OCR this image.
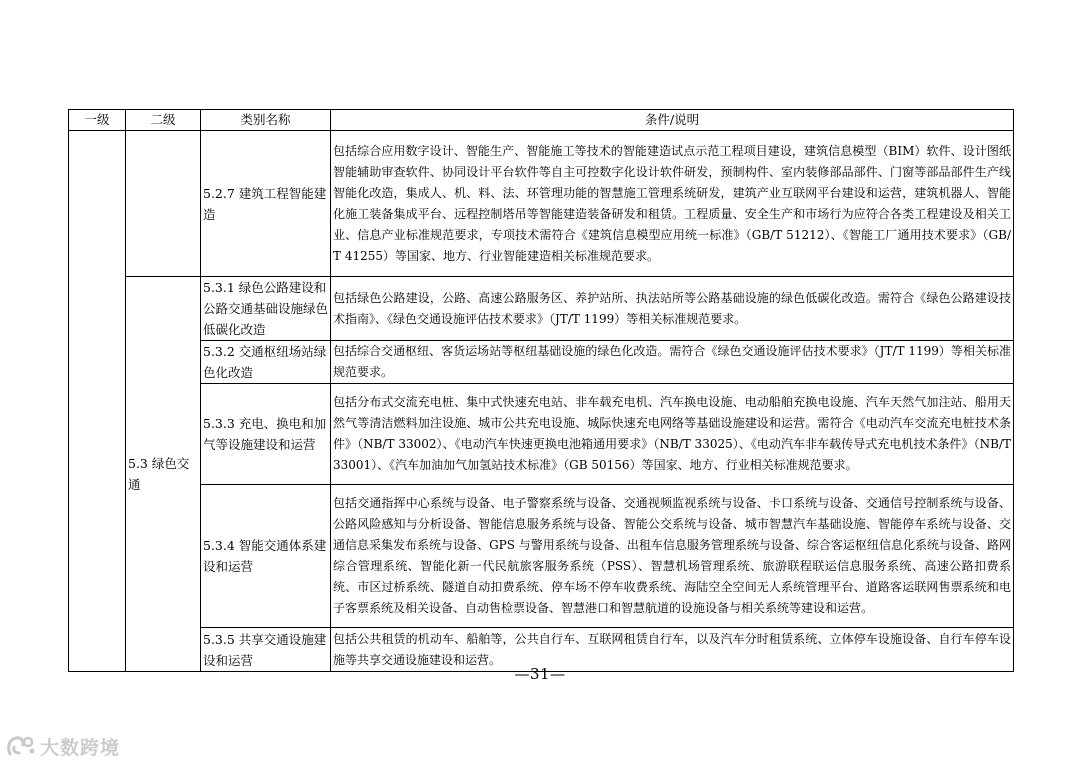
一级	二级	类别名称	条件/说明
		5.2.7 建筑工程智能建造	包括综合应用数字设计、智能生产、智能施工等技术的智能建造试点示范工程项目建设，建筑信息模型（BIM）软件、设计图纸智能辅助审查软件、协同设计平台软件等自主可控数字化设计软件研发，预制构件、室内装修部品部件、门窗等部品部件生产线智能化改造，集成人、机、料、法、环管理功能的智慧施工管理系统研发，建筑产业互联网平台建设和运营，建筑机器人、智能化施工装备集成平台、远程控制塔吊等智能建造装备研发和租赁。工程质量、安全生产和市场行为应符合各类工程建设及相关工业、信息产业标准规范要求，专项技术需符合《建筑信息模型应用统一标准》（GB/T 51212）、《智能工厂通用技术要求》（GB/T 41255）等国家、地方、行业智能建造相关标准规范要求。
	5.3 绿色交通	5.3.1 绿色公路建设和公路交通基础设施绿色低碳化改造	包括绿色公路建设，公路、高速公路服务区、养护站所、执法站所等公路基础设施的绿色低碳化改造。需符合《绿色公路建设技术指南》、《绿色交通设施评估技术要求》（JT/T 1199）等相关标准规范要求。
		5.3.2 交通枢纽场站绿色化改造	包括综合交通枢纽、客货运场站等枢纽基础设施的绿色化改造。需符合《绿色交通设施评估技术要求》（JT/T 1199）等相关标准规范要求。
		5.3.3 充电、换电和加气等设施建设和运营	包括分布式交流充电桩、集中式快速充电站、非车载充电机、汽车换电设施、电动船舶充换电设施、汽车天然气加注站、船用天然气等清洁燃料加注设施、城市公共充电设施、城际快速充电网络等基础设施建设和运营。需符合《电动汽车交流充电桩技术条件》（NB/T 33002）、《电动汽车快速更换电池箱通用要求》（NB/T 33025）、《电动汽车非车载传导式充电机技术条件》（NB/T 33001）、《汽车加油加气加氢站技术标准》（GB 50156）等国家、地方、行业相关标准规范要求。
		5.3.4 智能交通体系建设和运营	包括交通指挥中心系统与设备、电子警察系统与设备、交通视频监视系统与设备、卡口系统与设备、交通信号控制系统与设备、公路风险感知与分析设备、智能信息服务系统与设备、智能公交系统与设备、城市智慧汽车基础设施、智能停车系统与设备、交通信息采集发布系统与设备、GPS 与警用系统与设备、出租车信息服务管理系统与设备、综合客运枢纽信息化系统与设备、路网综合管理系统、智能化新一代民航旅客服务系统（PSS）、智慧机场管理系统、旅游联程联运信息服务系统、高速公路扣费系统、市区过桥系统、隧道自动扣费系统、停车场不停车收费系统、海陆空全空间无人系统管理平台、道路客运联网售票系统和电子客票系统及相关设备、自动售检票设备、智慧港口和智慧航道的设施设备与相关系统等建设和运营。
		5.3.5 共享交通设施建设和运营	包括公共租赁的机动车、船舶等，公共自行车、互联网租赁自行车，以及汽车分时租赁系统、立体停车设施设备、自行车停车设施等共享交通设施建设和运营。
—31—
大数跨境
